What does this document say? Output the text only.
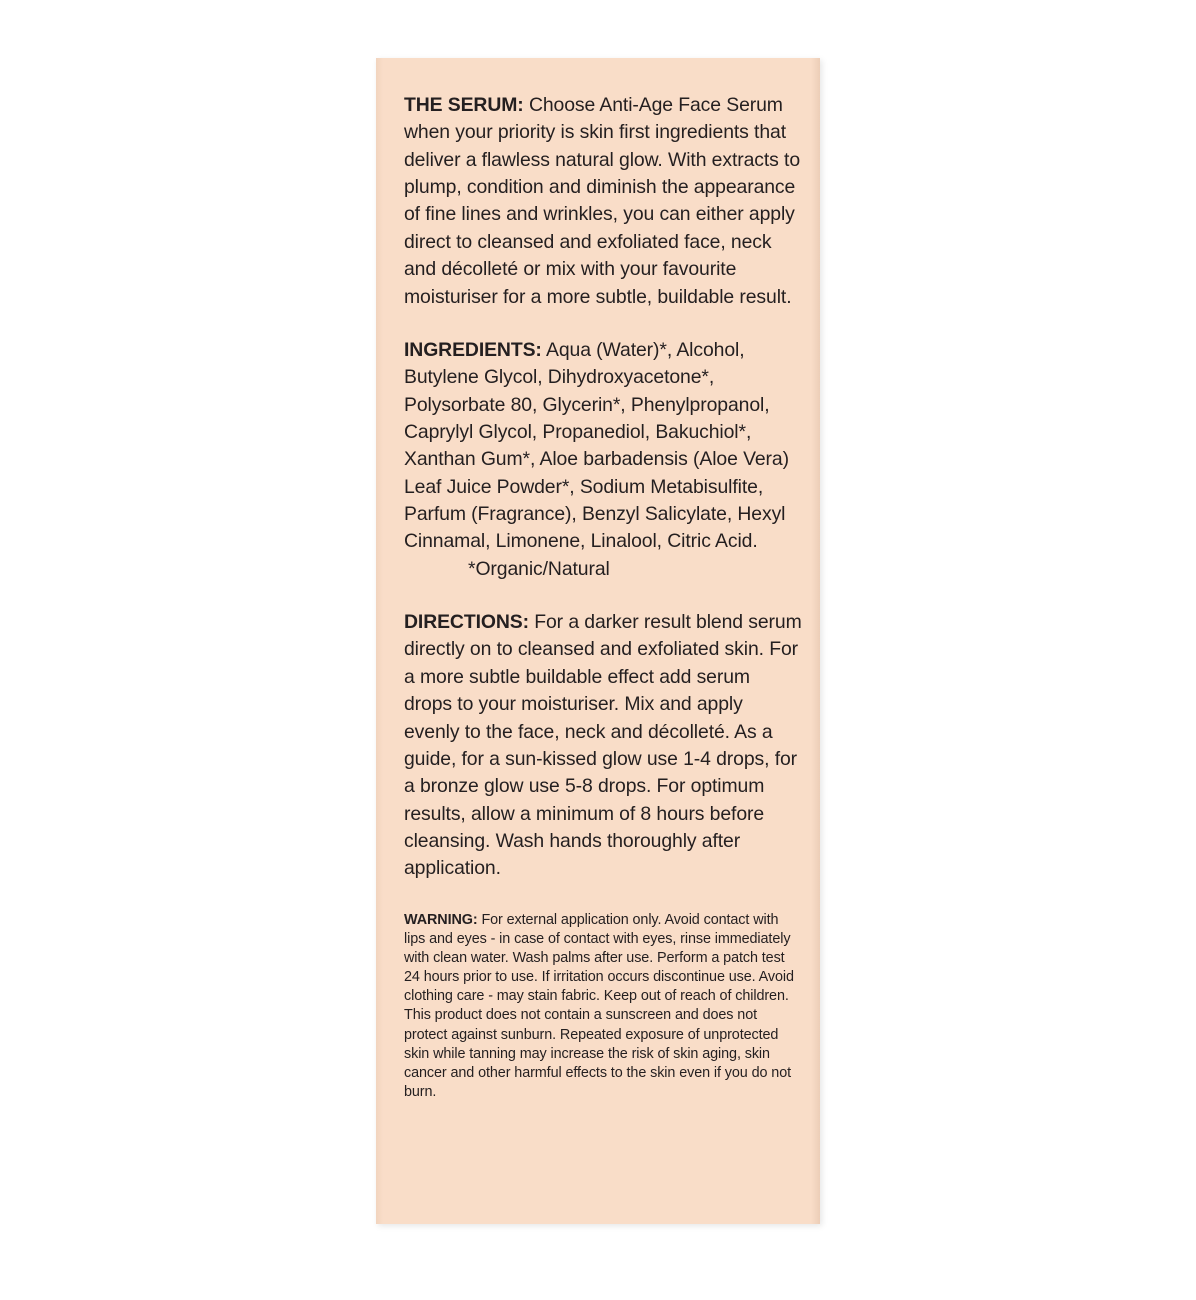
THE SERUM: Choose Anti-Age Face Serum when your priority is skin first ingredients that deliver a flawless natural glow. With extracts to plump, condition and diminish the appearance of fine lines and wrinkles, you can either apply direct to cleansed and exfoliated face, neck and décolleté or mix with your favourite moisturiser for a more subtle, buildable result.
INGREDIENTS: Aqua (Water)*, Alcohol, Butylene Glycol, Dihydroxyacetone*, Polysorbate 80, Glycerin*, Phenylpropanol, Caprylyl Glycol, Propanediol, Bakuchiol*, Xanthan Gum*, Aloe barbadensis (Aloe Vera) Leaf Juice Powder*, Sodium Metabisulfite, Parfum (Fragrance), Benzyl Salicylate, Hexyl Cinnamal, Limonene, Linalool, Citric Acid.*Organic/Natural
DIRECTIONS: For a darker result blend serum directly on to cleansed and exfoliated skin. For a more subtle buildable effect add serum drops to your moisturiser. Mix and apply evenly to the face, neck and décolleté. As a guide, for a sun-kissed glow use 1-4 drops, for a bronze glow use 5-8 drops. For optimum results, allow a minimum of 8 hours before cleansing. Wash hands thoroughly after application.
WARNING: For external application only. Avoid contact with lips and eyes - in case of contact with eyes, rinse immediately with clean water. Wash palms after use. Perform a patch test 24 hours prior to use. If irritation occurs discontinue use. Avoid clothing care - may stain fabric. Keep out of reach of children. This product does not contain a sunscreen and does not protect against sunburn. Repeated exposure of unprotected skin while tanning may increase the risk of skin aging, skin cancer and other harmful effects to the skin even if you do not burn.
